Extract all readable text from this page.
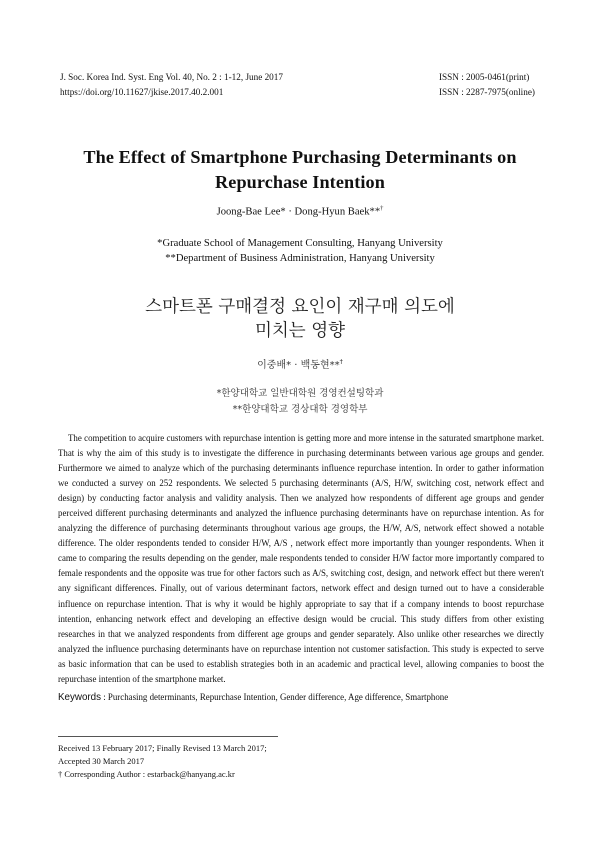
J. Soc. Korea Ind. Syst. Eng Vol. 40, No. 2 : 1-12, June 2017
https://doi.org/10.11627/jkise.2017.40.2.001
ISSN : 2005-0461(print)
ISSN : 2287-7975(online)
The Effect of Smartphone Purchasing Determinants on
Repurchase Intention
Joong-Bae Lee* · Dong-Hyun Baek**†
*Graduate School of Management Consulting, Hanyang University
**Department of Business Administration, Hanyang University
스마트폰 구매결정 요인이 재구매 의도에
미치는 영향
이중배* · 백동현**†
*한양대학교 일반대학원 경영컨설팅학과
**한양대학교 경상대학 경영학부
The competition to acquire customers with repurchase intention is getting more and more intense in the saturated smartphone market. That is why the aim of this study is to investigate the difference in purchasing determinants between various age groups and gender. Furthermore we aimed to analyze which of the purchasing determinants influence repurchase intention. In order to gather information we conducted a survey on 252 respondents. We selected 5 purchasing determinants (A/S, H/W, switching cost, network effect and design) by conducting factor analysis and validity analysis. Then we analyzed how respondents of different age groups and gender perceived different purchasing determinants and analyzed the influence purchasing determinants have on repurchase intention. As for analyzing the difference of purchasing determinants throughout various age groups, the H/W, A/S, network effect showed a notable difference. The older respondents tended to consider H/W, A/S , network effect more importantly than younger respondents. When it came to comparing the results depending on the gender, male respondents tended to consider H/W factor more importantly compared to female respondents and the opposite was true for other factors such as A/S, switching cost, design, and network effect but there weren't any significant differences. Finally, out of various determinant factors, network effect and design turned out to have a considerable influence on repurchase intention. That is why it would be highly appropriate to say that if a company intends to boost repurchase intention, enhancing network effect and developing an effective design would be crucial. This study differs from other existing researches in that we analyzed respondents from different age groups and gender separately. Also unlike other researches we directly analyzed the influence purchasing determinants have on repurchase intention not customer satisfaction. This study is expected to serve as basic information that can be used to establish strategies both in an academic and practical level, allowing companies to boost the repurchase intention of the smartphone market.
Keywords : Purchasing determinants, Repurchase Intention, Gender difference, Age difference, Smartphone
Received 13 February 2017; Finally Revised 13 March 2017;
Accepted 30 March 2017
† Corresponding Author : estarback@hanyang.ac.kr
